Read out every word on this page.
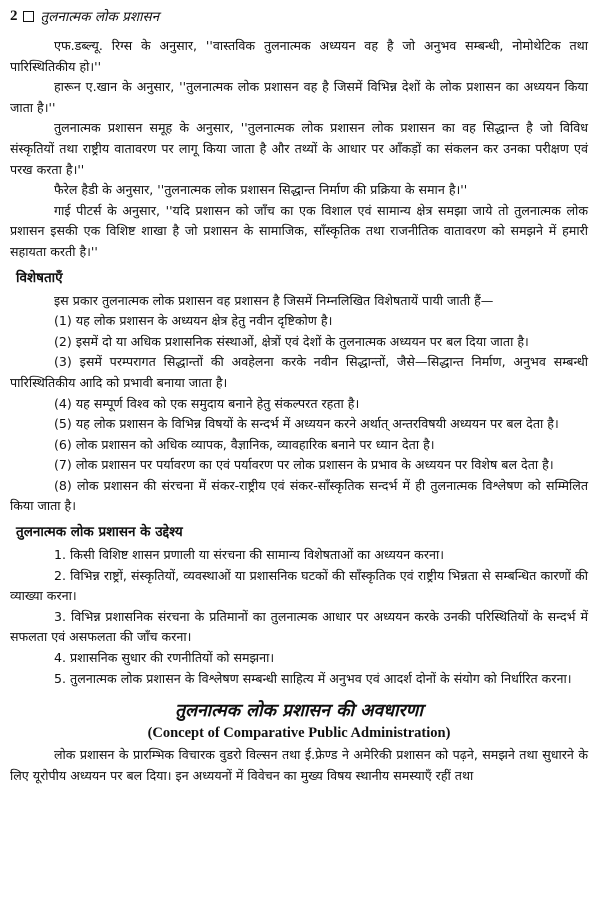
2 तुलनात्मक लोक प्रशासन

एफ.डब्ल्यू. रिग्स के अनुसार, ''वास्तविक तुलनात्मक अध्ययन वह है जो अनुभव सम्बन्धी, नोमोथेटिक तथा पारिस्थितिकीय हो।''

हारून ए.खान के अनुसार, ''तुलनात्मक लोक प्रशासन वह है जिसमें विभिन्न देशों के लोक प्रशासन का अध्ययन किया जाता है।''

तुलनात्मक प्रशासन समूह के अनुसार, ''तुलनात्मक लोक प्रशासन लोक प्रशासन का वह सिद्धान्त है जो विविध संस्कृतियों तथा राष्ट्रीय वातावरण पर लागू किया जाता है और तथ्यों के आधार पर आँकड़ों का संकलन कर उनका परीक्षण एवं परख करता है।''

फैरेल हैडी के अनुसार, ''तुलनात्मक लोक प्रशासन सिद्धान्त निर्माण की प्रक्रिया के समान है।''

गाई पीटर्स के अनुसार, ''यदि प्रशासन को जाँच का एक विशाल एवं सामान्य क्षेत्र समझा जाये तो तुलनात्मक लोक प्रशासन इसकी एक विशिष्ट शाखा है जो प्रशासन के सामाजिक, साँस्कृतिक तथा राजनीतिक वातावरण को समझने में हमारी सहायता करती है।''

विशेषताएँ

इस प्रकार तुलनात्मक लोक प्रशासन वह प्रशासन है जिसमें निम्नलिखित विशेषतायें पायी जाती हैं—

(1) यह लोक प्रशासन के अध्ययन क्षेत्र हेतु नवीन दृष्टिकोण है।

(2) इसमें दो या अधिक प्रशासनिक संस्थाओं, क्षेत्रों एवं देशों के तुलनात्मक अध्ययन पर बल दिया जाता है।

(3) इसमें परम्परागत सिद्धान्तों की अवहेलना करके नवीन सिद्धान्तों, जैसे—सिद्धान्त निर्माण, अनुभव सम्बन्धी पारिस्थितिकीय आदि को प्रभावी बनाया जाता है।

(4) यह सम्पूर्ण विश्व को एक समुदाय बनाने हेतु संकल्परत रहता है।

(5) यह लोक प्रशासन के विभिन्न विषयों के सन्दर्भ में अध्ययन करने अर्थात् अन्तरविषयी अध्ययन पर बल देता है।

(6) लोक प्रशासन को अधिक व्यापक, वैज्ञानिक, व्यावहारिक बनाने पर ध्यान देता है।

(7) लोक प्रशासन पर पर्यावरण का एवं पर्यावरण पर लोक प्रशासन के प्रभाव के अध्ययन पर विशेष बल देता है।

(8) लोक प्रशासन की संरचना में संकर-राष्ट्रीय एवं संकर-साँस्कृतिक सन्दर्भ में ही तुलनात्मक विश्लेषण को सम्मिलित किया जाता है।

तुलनात्मक लोक प्रशासन के उद्देश्य

1. किसी विशिष्ट शासन प्रणाली या संरचना की सामान्य विशेषताओं का अध्ययन करना।

2. विभिन्न राष्ट्रों, संस्कृतियों, व्यवस्थाओं या प्रशासनिक घटकों की साँस्कृतिक एवं राष्ट्रीय भिन्नता से सम्बन्धित कारणों की व्याख्या करना।

3. विभिन्न प्रशासनिक संरचना के प्रतिमानों का तुलनात्मक आधार पर अध्ययन करके उनकी परिस्थितियों के सन्दर्भ में सफलता एवं असफलता की जाँच करना।

4. प्रशासनिक सुधार की रणनीतियों को समझना।

5. तुलनात्मक लोक प्रशासन के विश्लेषण सम्बन्धी साहित्य में अनुभव एवं आदर्श दोनों के संयोग को निर्धारित करना।

तुलनात्मक लोक प्रशासन की अवधारणा
(Concept of Comparative Public Administration)

लोक प्रशासन के प्रारम्भिक विचारक वुडरो विल्सन तथा ई.फ्रेण्ड ने अमेरिकी प्रशासन को पढ़ने, समझने तथा सुधारने के लिए यूरोपीय अध्ययन पर बल दिया। इन अध्ययनों में विवेचन का मुख्य विषय स्थानीय समस्याएँ रहीं तथा
